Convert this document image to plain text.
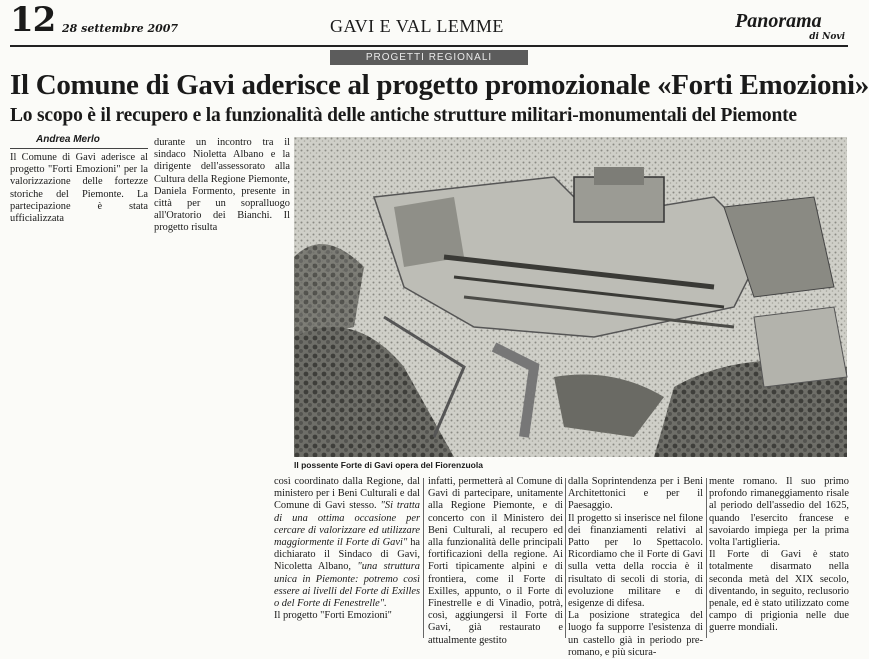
12 28 settembre 2007	GAVI E VAL LEMME	Panorama
di Novi
PROGETTI REGIONALI
Il Comune di Gavi aderisce al progetto promozionale «Forti Emozioni»
Lo scopo è il recupero e la funzionalità delle antiche strutture militari-monumentali del Piemonte
Andrea Merlo

Il Comune di Gavi aderisce al progetto "Forti Emozioni" per la valorizzazione delle fortezze storiche del Piemonte. La partecipazione è stata ufficializzata

durante un incontro tra il sindaco Nioletta Albano e la dirigente dell'assessorato alla Cultura della Regione Piemonte, Daniela Formento, presente in città per un sopralluogo all'Oratorio dei Bianchi. Il progetto risulta

Il possente Forte di Gavi opera del Fiorenzuola

così coordinato dalla Regione, dal ministero per i Beni Culturali e dal Comune di Gavi stesso. "Si tratta di una ottima occasione per cercare di valorizzare ed utilizzare maggiormente il Forte di Gavi" ha dichiarato il Sindaco di Gavi, Nicoletta Albano, "una struttura unica in Piemonte: potremo così essere ai livelli del Forte di Exilles o del Forte di Fenestrelle".

Il progetto "Forti Emozioni"

infatti, permetterà al Comune di Gavi di partecipare, unitamente alla Regione Piemonte, e di concerto con il Ministero dei Beni Culturali, al recupero ed alla funzionalità delle principali fortificazioni della regione. Ai Forti tipicamente alpini e di frontiera, come il Forte di Exilles, appunto, o il Forte di Finestrelle e di Vinadio, potrà, così, aggiungersi il Forte di Gavi, già restaurato e attualmente gestito

dalla Soprintendenza per i Beni Architettonici e per il Paesaggio.

Il progetto si inserisce nel filone dei finanziamenti relativi al Patto per lo Spettacolo. Ricordiamo che il Forte di Gavi sulla vetta della roccia è il risultato di secoli di storia, di evoluzione militare e di esigenze di difesa.

La posizione strategica del luogo fa supporre l'esistenza di un castello già in periodo pre-romano, e più sicura-

mente romano. Il suo primo profondo rimaneggiamento risale al periodo dell'assedio del 1625, quando l'esercito francese e savoiardo impiega per la prima volta l'artiglieria.

Il Forte di Gavi è stato totalmente disarmato nella seconda metà del XIX secolo, diventando, in seguito, reclusorio penale, ed è stato utilizzato come campo di prigionia nelle due guerre mondiali.
